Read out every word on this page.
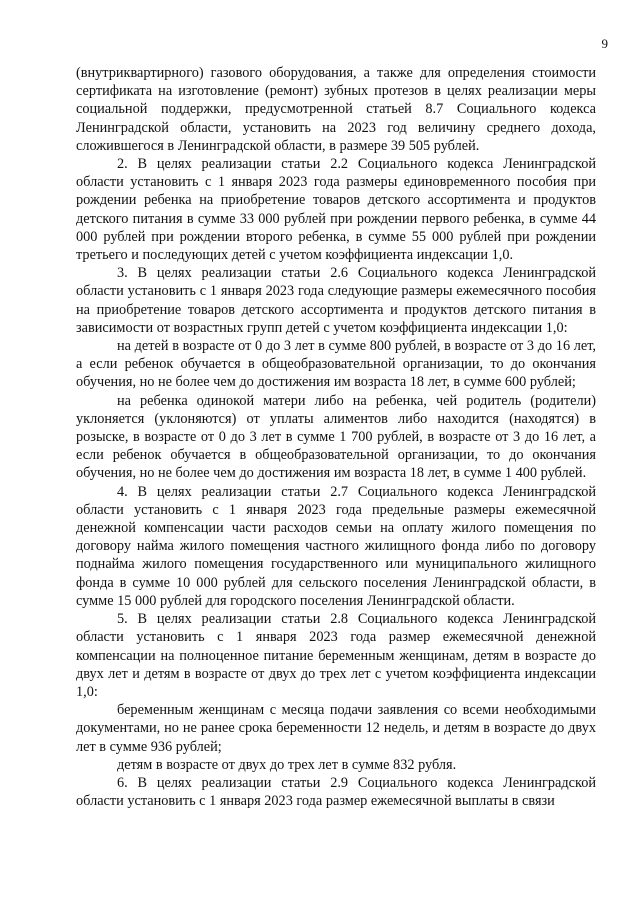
9

(внутриквартирного) газового оборудования, а также для определения стоимости сертификата на изготовление (ремонт) зубных протезов в целях реализации меры социальной поддержки, предусмотренной статьей 8.7 Социального кодекса Ленинградской области, установить на 2023 год величину среднего дохода, сложившегося в Ленинградской области, в размере 39 505 рублей.

2. В целях реализации статьи 2.2 Социального кодекса Ленинградской области установить с 1 января 2023 года размеры единовременного пособия при рождении ребенка на приобретение товаров детского ассортимента и продуктов детского питания в сумме 33 000 рублей при рождении первого ребенка, в сумме 44 000 рублей при рождении второго ребенка, в сумме 55 000 рублей при рождении третьего и последующих детей с учетом коэффициента индексации 1,0.

3. В целях реализации статьи 2.6 Социального кодекса Ленинградской области установить с 1 января 2023 года следующие размеры ежемесячного пособия на приобретение товаров детского ассортимента и продуктов детского питания в зависимости от возрастных групп детей с учетом коэффициента индексации 1,0:

на детей в возрасте от 0 до 3 лет в сумме 800 рублей, в возрасте от 3 до 16 лет, а если ребенок обучается в общеобразовательной организации, то до окончания обучения, но не более чем до достижения им возраста 18 лет, в сумме 600 рублей;

на ребенка одинокой матери либо на ребенка, чей родитель (родители) уклоняется (уклоняются) от уплаты алиментов либо находится (находятся) в розыске, в возрасте от 0 до 3 лет в сумме 1 700 рублей, в возрасте от 3 до 16 лет, а если ребенок обучается в общеобразовательной организации, то до окончания обучения, но не более чем до достижения им возраста 18 лет, в сумме 1 400 рублей.

4. В целях реализации статьи 2.7 Социального кодекса Ленинградской области установить с 1 января 2023 года предельные размеры ежемесячной денежной компенсации части расходов семьи на оплату жилого помещения по договору найма жилого помещения частного жилищного фонда либо по договору поднайма жилого помещения государственного или муниципального жилищного фонда в сумме 10 000 рублей для сельского поселения Ленинградской области, в сумме 15 000 рублей для городского поселения Ленинградской области.

5. В целях реализации статьи 2.8 Социального кодекса Ленинградской области установить с 1 января 2023 года размер ежемесячной денежной компенсации на полноценное питание беременным женщинам, детям в возрасте до двух лет и детям в возрасте от двух до трех лет с учетом коэффициента индексации 1,0:

беременным женщинам с месяца подачи заявления со всеми необходимыми документами, но не ранее срока беременности 12 недель, и детям в возрасте до двух лет в сумме 936 рублей;

детям в возрасте от двух до трех лет в сумме 832 рубля.

6. В целях реализации статьи 2.9 Социального кодекса Ленинградской области установить с 1 января 2023 года размер ежемесячной выплаты в связи
